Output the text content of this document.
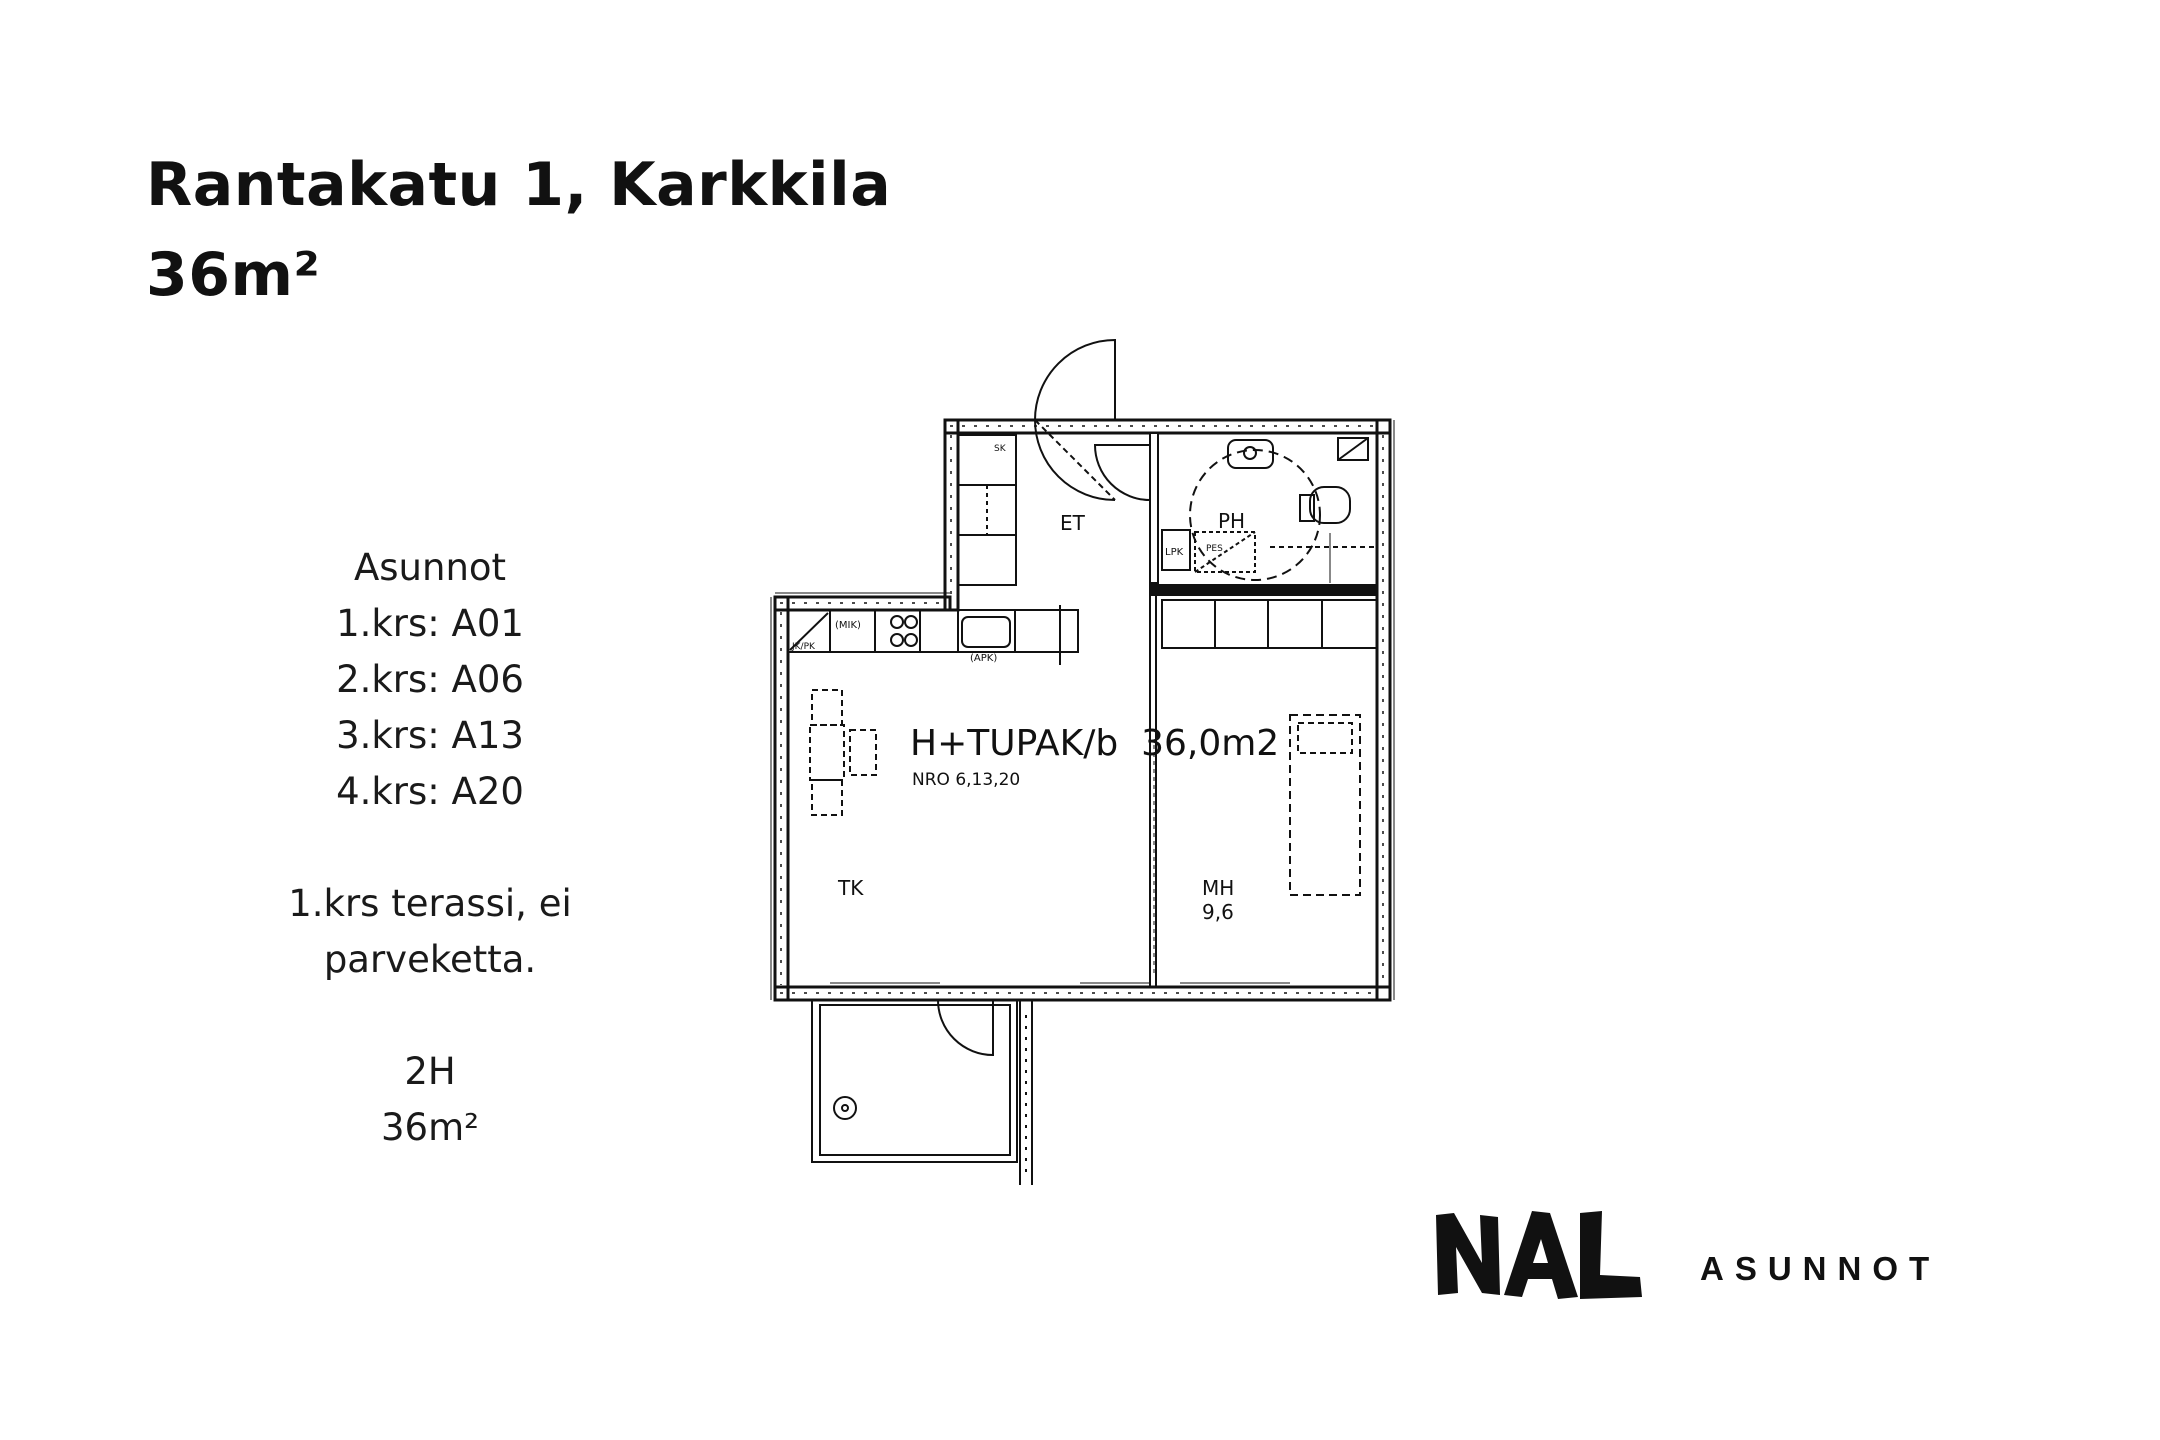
Rantakatu 1, Karkkila
36m²
Asunnot
1.krs: A01
2.krs: A06
3.krs: A13
4.krs: A20
1.krs terassi, ei
parveketta.
2H
36m²
ET	PH
SK
LPK	PES
JK/PK
(MIK)
(APK)
H+TUPAK/b  36,0m2
NRO 6,13,20
TK	MH
9,6
ASUNNOT
